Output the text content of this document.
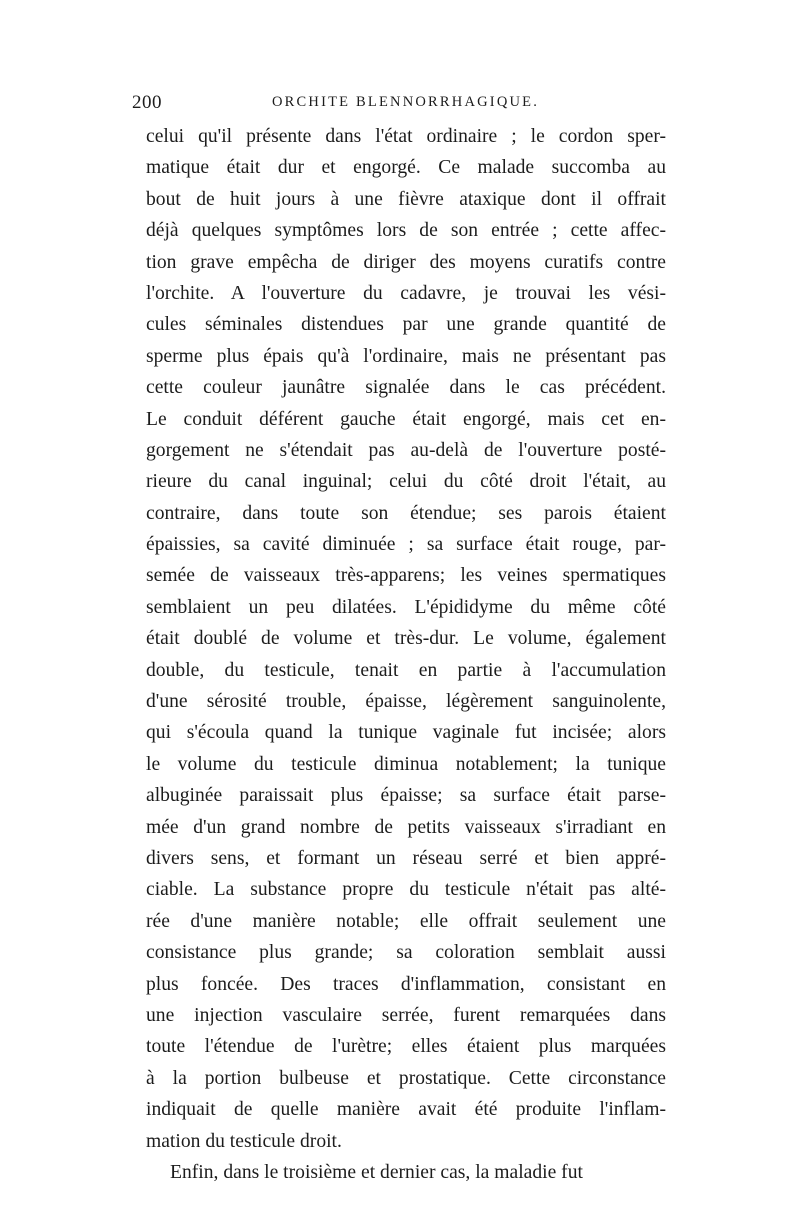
200	ORCHITE BLENNORRHAGIQUE.
celui qu'il présente dans l'état ordinaire ; le cordon sper-
matique était dur et engorgé. Ce malade succomba au
bout de huit jours à une fièvre ataxique dont il offrait
déjà quelques symptômes lors de son entrée ; cette affec-
tion grave empêcha de diriger des moyens curatifs contre
l'orchite. A l'ouverture du cadavre, je trouvai les vési-
cules séminales distendues par une grande quantité de
sperme plus épais qu'à l'ordinaire, mais ne présentant pas
cette couleur jaunâtre signalée dans le cas précédent.
Le conduit déférent gauche était engorgé, mais cet en-
gorgement ne s'étendait pas au-delà de l'ouverture posté-
rieure du canal inguinal; celui du côté droit l'était, au
contraire, dans toute son étendue; ses parois étaient
épaissies, sa cavité diminuée ; sa surface était rouge, par-
semée de vaisseaux très-apparens; les veines spermatiques
semblaient un peu dilatées. L'épididyme du même côté
était doublé de volume et très-dur. Le volume, également
double, du testicule, tenait en partie à l'accumulation
d'une sérosité trouble, épaisse, légèrement sanguinolente,
qui s'écoula quand la tunique vaginale fut incisée; alors
le volume du testicule diminua notablement; la tunique
albuginée paraissait plus épaisse; sa surface était parse-
mée d'un grand nombre de petits vaisseaux s'irradiant en
divers sens, et formant un réseau serré et bien appré-
ciable. La substance propre du testicule n'était pas alté-
rée d'une manière notable; elle offrait seulement une
consistance plus grande; sa coloration semblait aussi
plus foncée. Des traces d'inflammation, consistant en
une injection vasculaire serrée, furent remarquées dans
toute l'étendue de l'urètre; elles étaient plus marquées
à la portion bulbeuse et prostatique. Cette circonstance
indiquait de quelle manière avait été produite l'inflam-
mation du testicule droit.
Enfin, dans le troisième et dernier cas, la maladie fut
